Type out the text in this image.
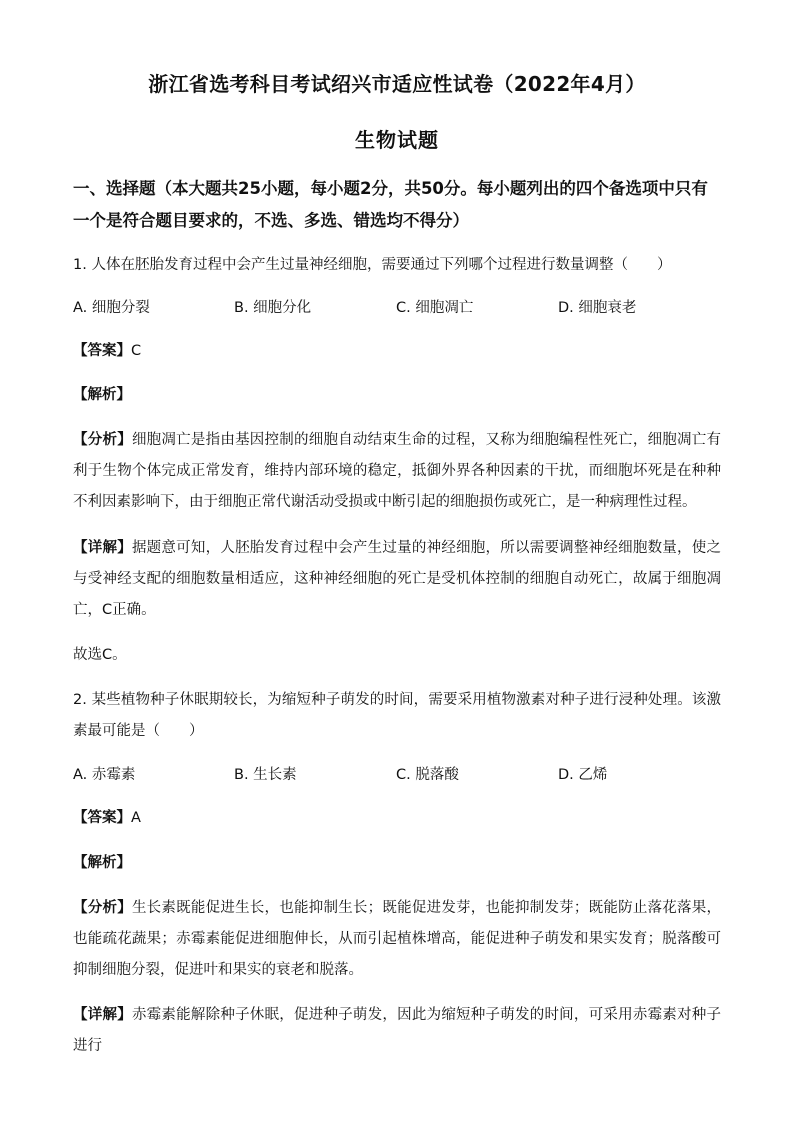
浙江省选考科目考试绍兴市适应性试卷（2022年4月）
生物试题
一、选择题（本大题共25小题，每小题2分，共50分。每小题列出的四个备选项中只有一个是符合题目要求的，不选、多选、错选均不得分）
1. 人体在胚胎发育过程中会产生过量神经细胞，需要通过下列哪个过程进行数量调整（　　）
A. 细胞分裂	B. 细胞分化	C. 细胞凋亡	D. 细胞衰老
【答案】C
【解析】
【分析】细胞凋亡是指由基因控制的细胞自动结束生命的过程，又称为细胞编程性死亡，细胞凋亡有利于生物个体完成正常发育，维持内部环境的稳定，抵御外界各种因素的干扰，而细胞坏死是在种种不利因素影响下，由于细胞正常代谢活动受损或中断引起的细胞损伤或死亡，是一种病理性过程。
【详解】据题意可知，人胚胎发育过程中会产生过量的神经细胞，所以需要调整神经细胞数量，使之与受神经支配的细胞数量相适应，这种神经细胞的死亡是受机体控制的细胞自动死亡，故属于细胞凋亡，C正确。
故选C。
2. 某些植物种子休眠期较长，为缩短种子萌发的时间，需要采用植物激素对种子进行浸种处理。该激素最可能是（　　）
A. 赤霉素	B. 生长素	C. 脱落酸	D. 乙烯
【答案】A
【解析】
【分析】生长素既能促进生长，也能抑制生长；既能促进发芽，也能抑制发芽；既能防止落花落果，也能疏花蔬果；赤霉素能促进细胞伸长，从而引起植株增高，能促进种子萌发和果实发育；脱落酸可抑制细胞分裂，促进叶和果实的衰老和脱落。
【详解】赤霉素能解除种子休眠，促进种子萌发，因此为缩短种子萌发的时间，可采用赤霉素对种子进行
